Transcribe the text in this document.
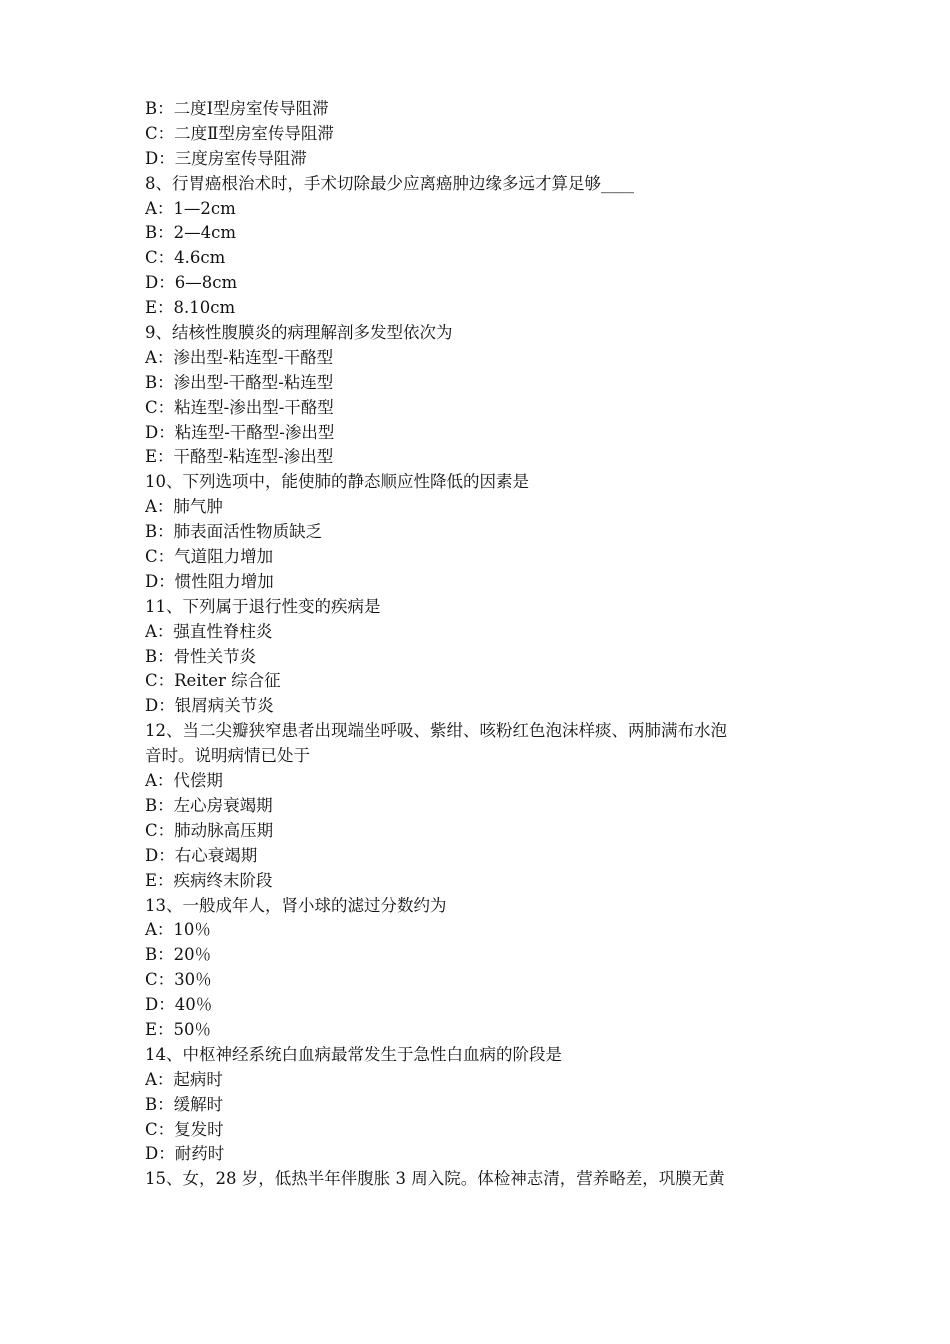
B：二度Ⅰ型房室传导阻滞
C：二度Ⅱ型房室传导阻滞
D：三度房室传导阻滞
8、行胃癌根治术时，手术切除最少应离癌肿边缘多远才算足够____
A：1—2cm
B：2—4cm
C：4.6cm
D：6—8cm
E：8.10cm
9、结核性腹膜炎的病理解剖多发型依次为
A：渗出型-粘连型-干酪型
B：渗出型-干酪型-粘连型
C：粘连型-渗出型-干酪型
D：粘连型-干酪型-渗出型
E：干酪型-粘连型-渗出型
10、下列选项中，能使肺的静态顺应性降低的因素是
A：肺气肿
B：肺表面活性物质缺乏
C：气道阻力增加
D：惯性阻力增加
11、下列属于退行性变的疾病是
A：强直性脊柱炎
B：骨性关节炎
C：Reiter 综合征
D：银屑病关节炎
12、当二尖瓣狭窄患者出现端坐呼吸、紫绀、咳粉红色泡沫样痰、两肺满布水泡
音时。说明病情已处于
A：代偿期
B：左心房衰竭期
C：肺动脉高压期
D：右心衰竭期
E：疾病终末阶段
13、一般成年人，肾小球的滤过分数约为
A：10％
B：20％
C：30％
D：40％
E：50％
14、中枢神经系统白血病最常发生于急性白血病的阶段是
A：起病时
B：缓解时
C：复发时
D：耐药时
15、女，28 岁，低热半年伴腹胀 3 周入院。体检神志清，营养略差，巩膜无黄
